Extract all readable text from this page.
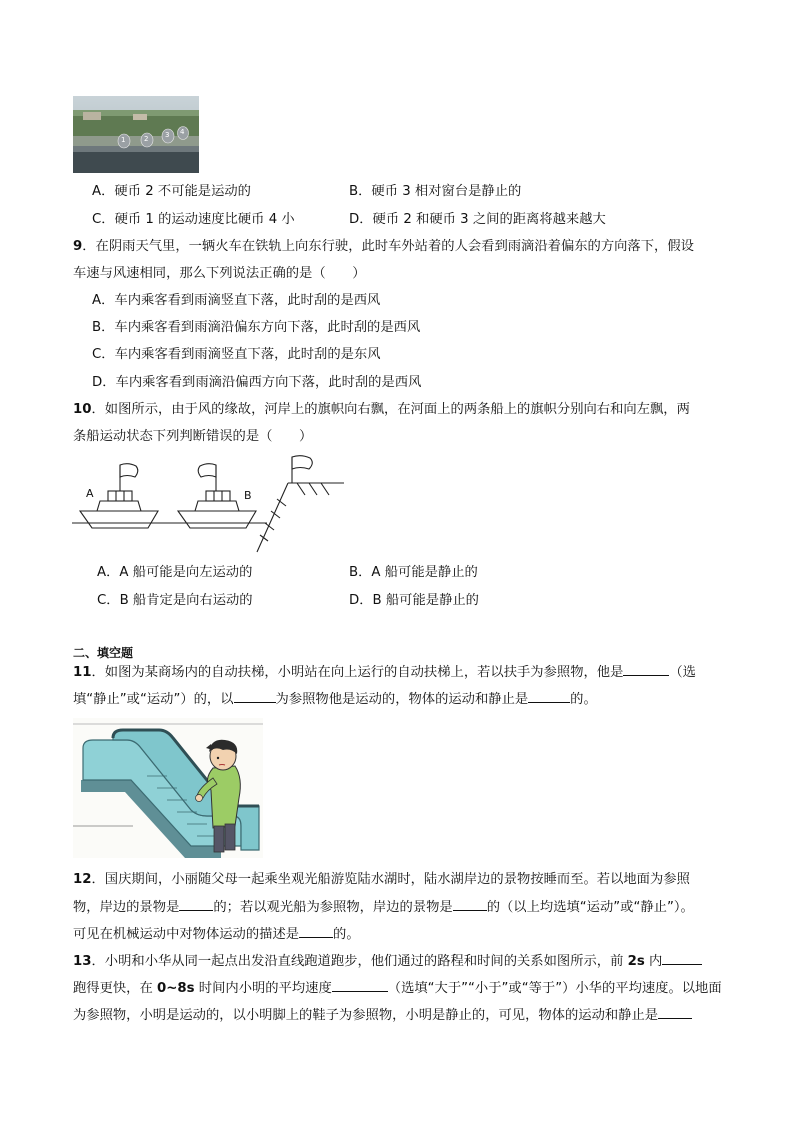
1	2 3 4
A．硬币 2 不可能是运动的	B．硬币 3 相对窗台是静止的
C．硬币 1 的运动速度比硬币 4 小	D．硬币 2 和硬币 3 之间的距离将越来越大
9．在阴雨天气里，一辆火车在铁轨上向东行驶，此时车外站着的人会看到雨滴沿着偏东的方向落下，假设
车速与风速相同，那么下列说法正确的是（　　）
A．车内乘客看到雨滴竖直下落，此时刮的是西风
B．车内乘客看到雨滴沿偏东方向下落，此时刮的是西风
C．车内乘客看到雨滴竖直下落，此时刮的是东风
D．车内乘客看到雨滴沿偏西方向下落，此时刮的是西风
10．如图所示，由于风的缘故，河岸上的旗帜向右飘，在河面上的两条船上的旗帜分别向右和向左飘，两
条船运动状态下列判断错误的是（　　）
A	B
A．A 船可能是向左运动的	B．A 船可能是静止的
C．B 船肯定是向右运动的	D．B 船可能是静止的
二、填空题
11．如图为某商场内的自动扶梯，小明站在向上运行的自动扶梯上，若以扶手为参照物，他是	（选
填“静止”或“运动”）的，以	为参照物他是运动的，物体的运动和静止是	的。
12．国庆期间，小丽随父母一起乘坐观光船游览陆水湖时，陆水湖岸边的景物按睡而至。若以地面为参照
物，岸边的景物是	的；若以观光船为参照物，岸边的景物是	的（以上均选填“运动”或“静止”）。
可见在机械运动中对物体运动的描述是	的。
13．小明和小华从同一起点出发沿直线跑道跑步，他们通过的路程和时间的关系如图所示，前 2s 内
跑得更快，在 0~8s 时间内小明的平均速度	（选填“大于”“小于”或“等于”）小华的平均速度。以地面
为参照物，小明是运动的，以小明脚上的鞋子为参照物，小明是静止的，可见，物体的运动和静止是
